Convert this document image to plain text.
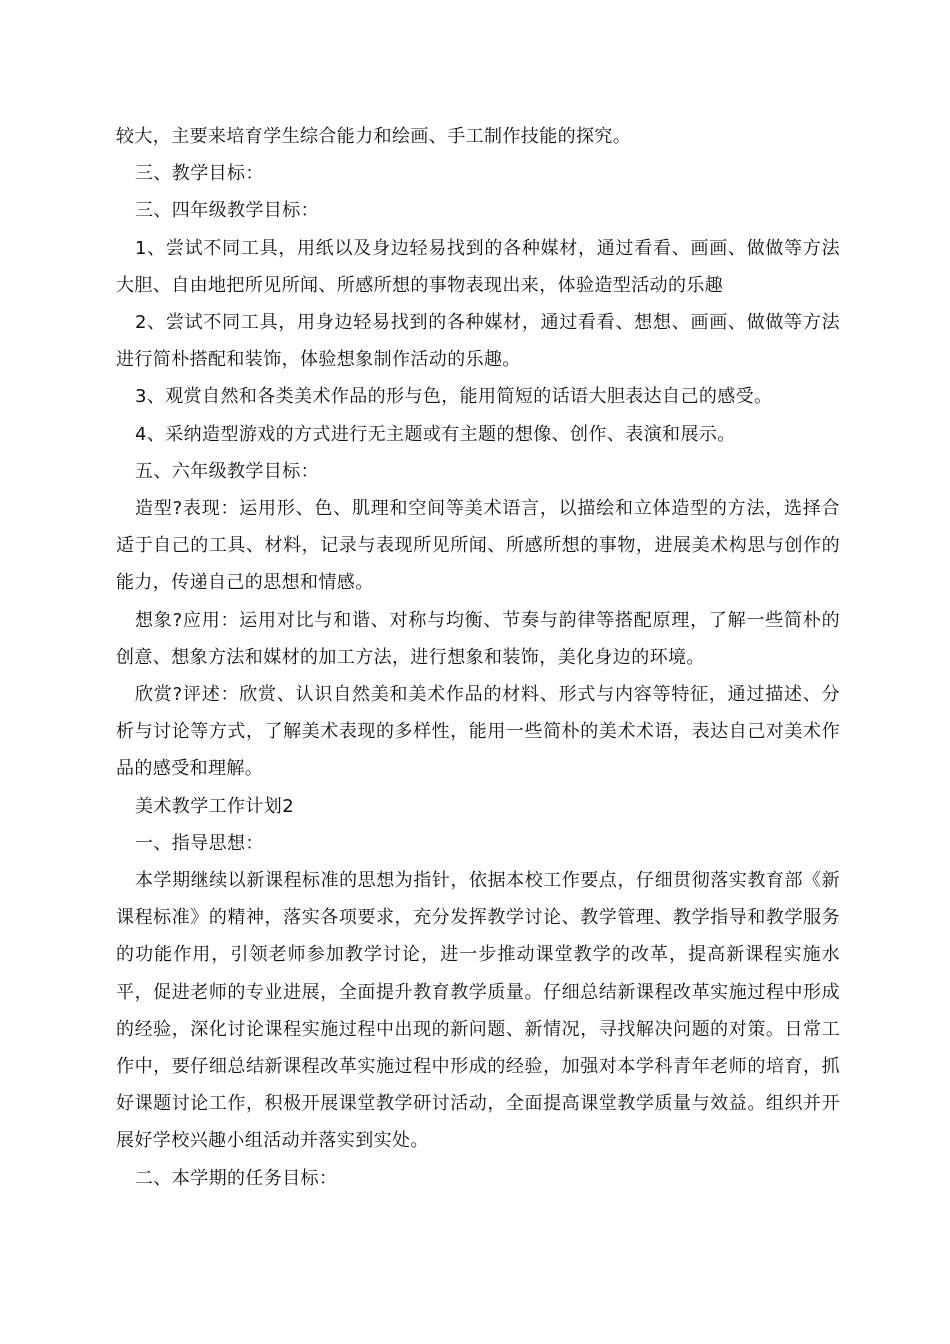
较大，主要来培育学生综合能力和绘画、手工制作技能的探究。

三、教学目标：

三、四年级教学目标：

1、尝试不同工具，用纸以及身边轻易找到的各种媒材，通过看看、画画、做做等方法大胆、自由地把所见所闻、所感所想的事物表现出来，体验造型活动的乐趣

2、尝试不同工具，用身边轻易找到的各种媒材，通过看看、想想、画画、做做等方法进行简朴搭配和装饰，体验想象制作活动的乐趣。

3、观赏自然和各类美术作品的形与色，能用简短的话语大胆表达自己的感受。

4、采纳造型游戏的方式进行无主题或有主题的想像、创作、表演和展示。

五、六年级教学目标：

造型?表现：运用形、色、肌理和空间等美术语言，以描绘和立体造型的方法，选择合适于自己的工具、材料，记录与表现所见所闻、所感所想的事物，进展美术构思与创作的能力，传递自己的思想和情感。

想象?应用：运用对比与和谐、对称与均衡、节奏与韵律等搭配原理，了解一些简朴的创意、想象方法和媒材的加工方法，进行想象和装饰，美化身边的环境。

欣赏?评述：欣赏、认识自然美和美术作品的材料、形式与内容等特征，通过描述、分析与讨论等方式，了解美术表现的多样性，能用一些简朴的美术术语，表达自己对美术作品的感受和理解。

美术教学工作计划2

一、指导思想：

本学期继续以新课程标准的思想为指针，依据本校工作要点，仔细贯彻落实教育部《新课程标准》的精神，落实各项要求，充分发挥教学讨论、教学管理、教学指导和教学服务的功能作用，引领老师参加教学讨论，进一步推动课堂教学的改革，提高新课程实施水平，促进老师的专业进展，全面提升教育教学质量。仔细总结新课程改革实施过程中形成的经验，深化讨论课程实施过程中出现的新问题、新情况，寻找解决问题的对策。日常工作中，要仔细总结新课程改革实施过程中形成的经验，加强对本学科青年老师的培育，抓好课题讨论工作，积极开展课堂教学研讨活动，全面提高课堂教学质量与效益。组织并开展好学校兴趣小组活动并落实到实处。

二、本学期的任务目标：
